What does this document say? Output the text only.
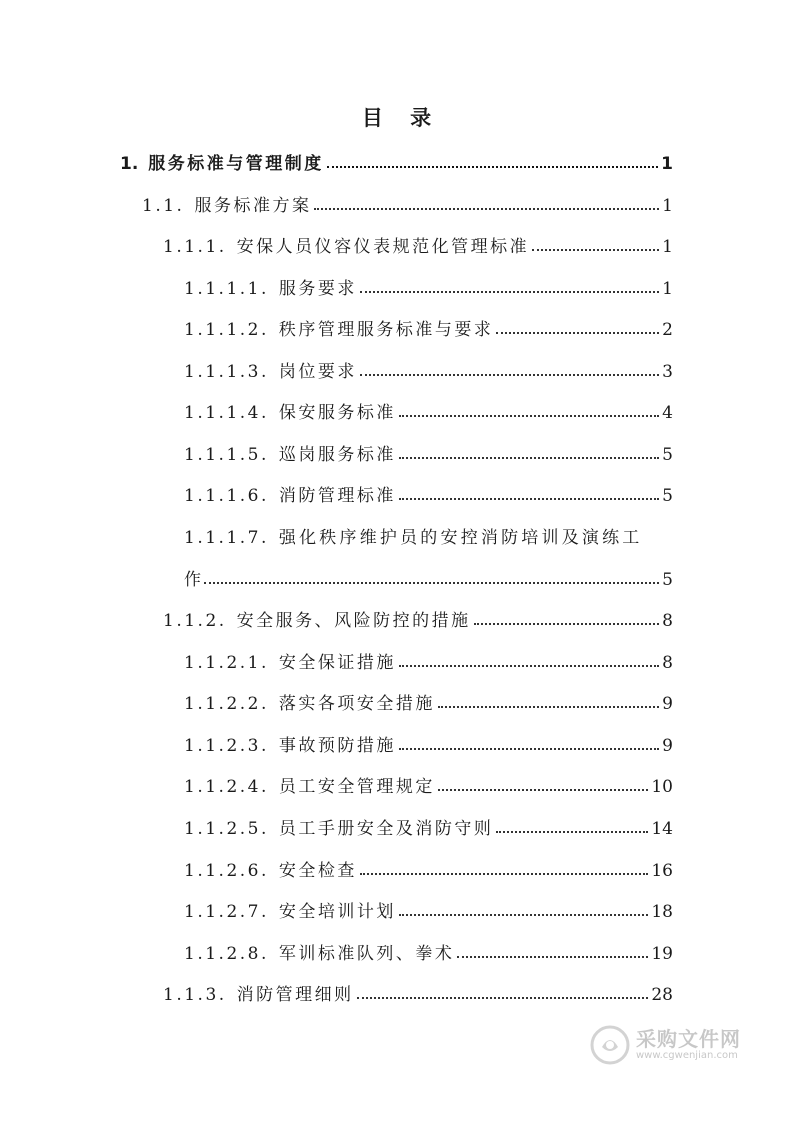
目 录
1. 服务标准与管理制度	1
1.1. 服务标准方案	1
1.1.1. 安保人员仪容仪表规范化管理标准	1
1.1.1.1. 服务要求	1
1.1.1.2. 秩序管理服务标准与要求	2
1.1.1.3. 岗位要求	3
1.1.1.4. 保安服务标准	4
1.1.1.5. 巡岗服务标准	5
1.1.1.6. 消防管理标准	5
1.1.1.7. 强化秩序维护员的安控消防培训及演练工
作	5
1.1.2. 安全服务、风险防控的措施	8
1.1.2.1. 安全保证措施	8
1.1.2.2. 落实各项安全措施	9
1.1.2.3. 事故预防措施	9
1.1.2.4. 员工安全管理规定	10
1.1.2.5. 员工手册安全及消防守则	14
1.1.2.6. 安全检查	16
1.1.2.7. 安全培训计划	18
1.1.2.8. 军训标准队列、拳术	19
1.1.3. 消防管理细则	28
采购文件网
www.cgwenjian.com
